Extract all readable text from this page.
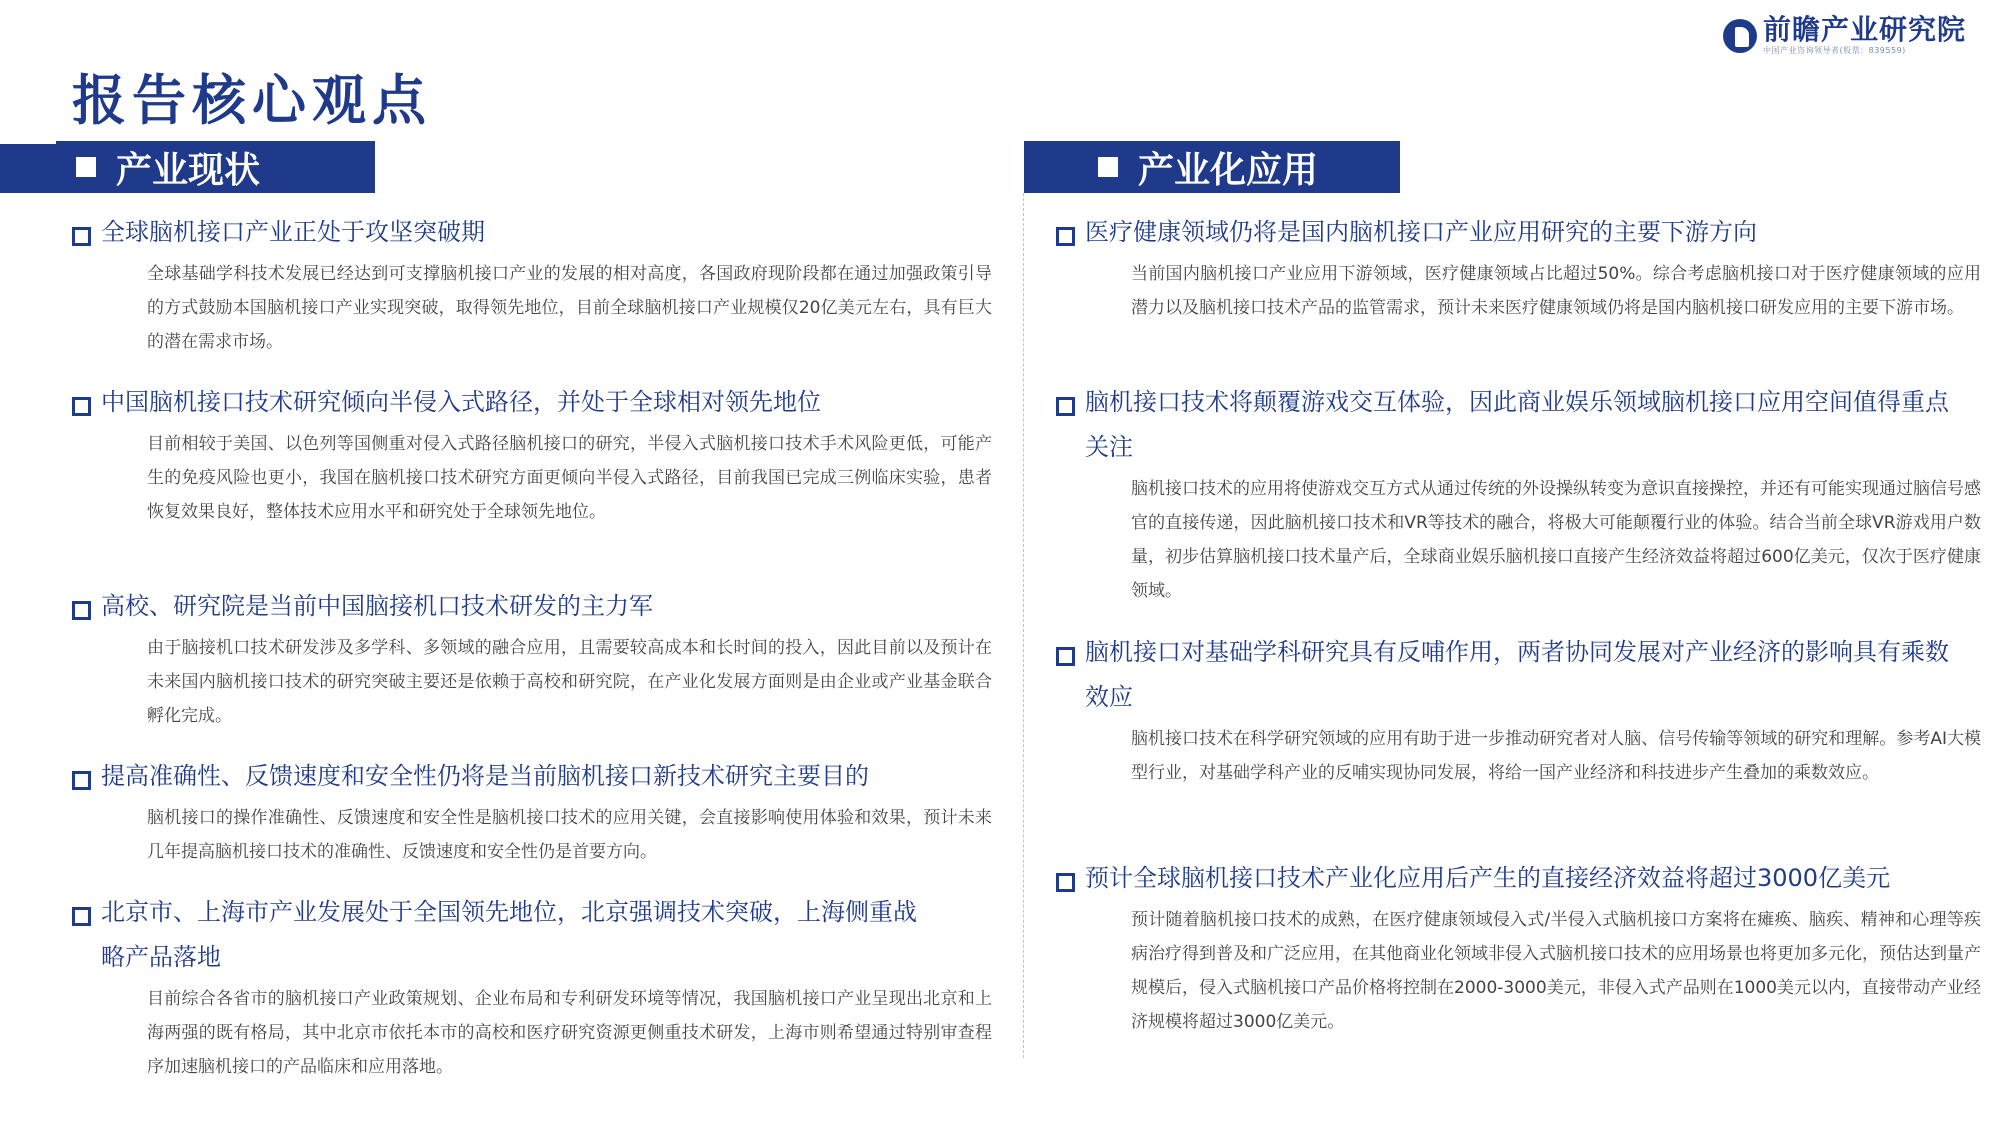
报告核心观点
前瞻产业研究院
中国产业咨询领导者(股票：839559)
产业现状	产业化应用
全球脑机接口产业正处于攻坚突破期
全球基础学科技术发展已经达到可支撑脑机接口产业的发展的相对高度，各国政府现阶段都在通过加强政策引导的方式鼓励本国脑机接口产业实现突破，取得领先地位，目前全球脑机接口产业规模仅20亿美元左右，具有巨大的潜在需求市场。
中国脑机接口技术研究倾向半侵入式路径，并处于全球相对领先地位
目前相较于美国、以色列等国侧重对侵入式路径脑机接口的研究，半侵入式脑机接口技术手术风险更低，可能产生的免疫风险也更小，我国在脑机接口技术研究方面更倾向半侵入式路径，目前我国已完成三例临床实验，患者恢复效果良好，整体技术应用水平和研究处于全球领先地位。
高校、研究院是当前中国脑接机口技术研发的主力军
由于脑接机口技术研发涉及多学科、多领域的融合应用，且需要较高成本和长时间的投入，因此目前以及预计在未来国内脑机接口技术的研究突破主要还是依赖于高校和研究院，在产业化发展方面则是由企业或产业基金联合孵化完成。
提高准确性、反馈速度和安全性仍将是当前脑机接口新技术研究主要目的
脑机接口的操作准确性、反馈速度和安全性是脑机接口技术的应用关键，会直接影响使用体验和效果，预计未来几年提高脑机接口技术的准确性、反馈速度和安全性仍是首要方向。
北京市、上海市产业发展处于全国领先地位，北京强调技术突破，上海侧重战略产品落地
目前综合各省市的脑机接口产业政策规划、企业布局和专利研发环境等情况，我国脑机接口产业呈现出北京和上海两强的既有格局，其中北京市依托本市的高校和医疗研究资源更侧重技术研发，上海市则希望通过特别审查程序加速脑机接口的产品临床和应用落地。
医疗健康领域仍将是国内脑机接口产业应用研究的主要下游方向
当前国内脑机接口产业应用下游领域，医疗健康领域占比超过50%。综合考虑脑机接口对于医疗健康领域的应用潜力以及脑机接口技术产品的监管需求，预计未来医疗健康领域仍将是国内脑机接口研发应用的主要下游市场。
脑机接口技术将颠覆游戏交互体验，因此商业娱乐领域脑机接口应用空间值得重点关注
脑机接口技术的应用将使游戏交互方式从通过传统的外设操纵转变为意识直接操控，并还有可能实现通过脑信号感官的直接传递，因此脑机接口技术和VR等技术的融合，将极大可能颠覆行业的体验。结合当前全球VR游戏用户数量，初步估算脑机接口技术量产后，全球商业娱乐脑机接口直接产生经济效益将超过600亿美元，仅次于医疗健康领域。
脑机接口对基础学科研究具有反哺作用，两者协同发展对产业经济的影响具有乘数效应
脑机接口技术在科学研究领域的应用有助于进一步推动研究者对人脑、信号传输等领域的研究和理解。参考AI大模型行业，对基础学科产业的反哺实现协同发展，将给一国产业经济和科技进步产生叠加的乘数效应。
预计全球脑机接口技术产业化应用后产生的直接经济效益将超过3000亿美元
预计随着脑机接口技术的成熟，在医疗健康领域侵入式/半侵入式脑机接口方案将在瘫痪、脑疾、精神和心理等疾病治疗得到普及和广泛应用，在其他商业化领域非侵入式脑机接口技术的应用场景也将更加多元化，预估达到量产规模后，侵入式脑机接口产品价格将控制在2000-3000美元，非侵入式产品则在1000美元以内，直接带动产业经济规模将超过3000亿美元。
